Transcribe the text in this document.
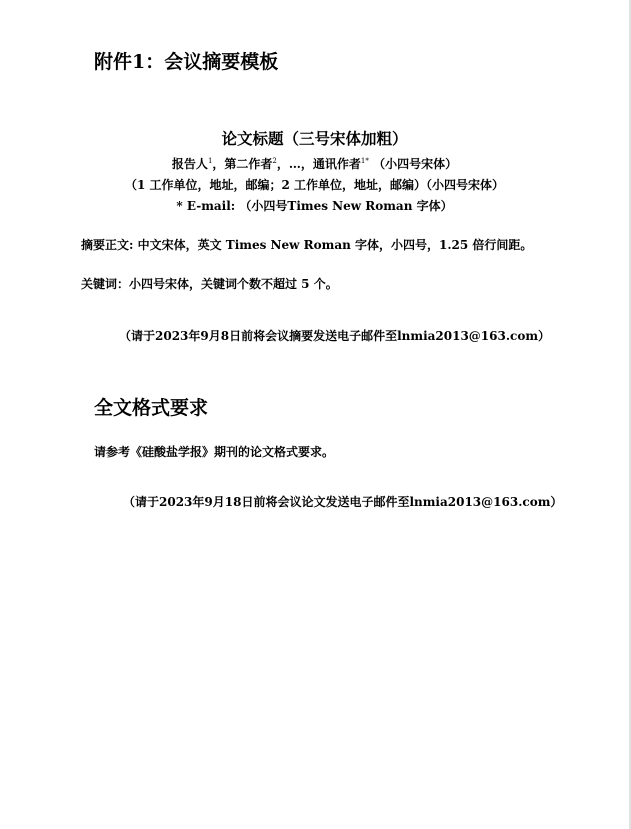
附件1：会议摘要模板
论文标题（三号宋体加粗）
报告人$^1$，第二作者$^2$，…，通讯作者$^{1*}$ （小四号宋体）
（1 工作单位，地址，邮编；2 工作单位，地址，邮编）（小四号宋体）
* E-mail: （小四号Times New Roman 字体）
摘要正文: 中文宋体，英文 Times New Roman 字体，小四号，1.25 倍行间距。
关键词：小四号宋体，关键词个数不超过 5 个。
（请于2023年9月8日前将会议摘要发送电子邮件至lnmia2013@163.com）
全文格式要求
请参考《硅酸盐学报》期刊的论文格式要求。
（请于2023年9月18日前将会议论文发送电子邮件至lnmia2013@163.com）
